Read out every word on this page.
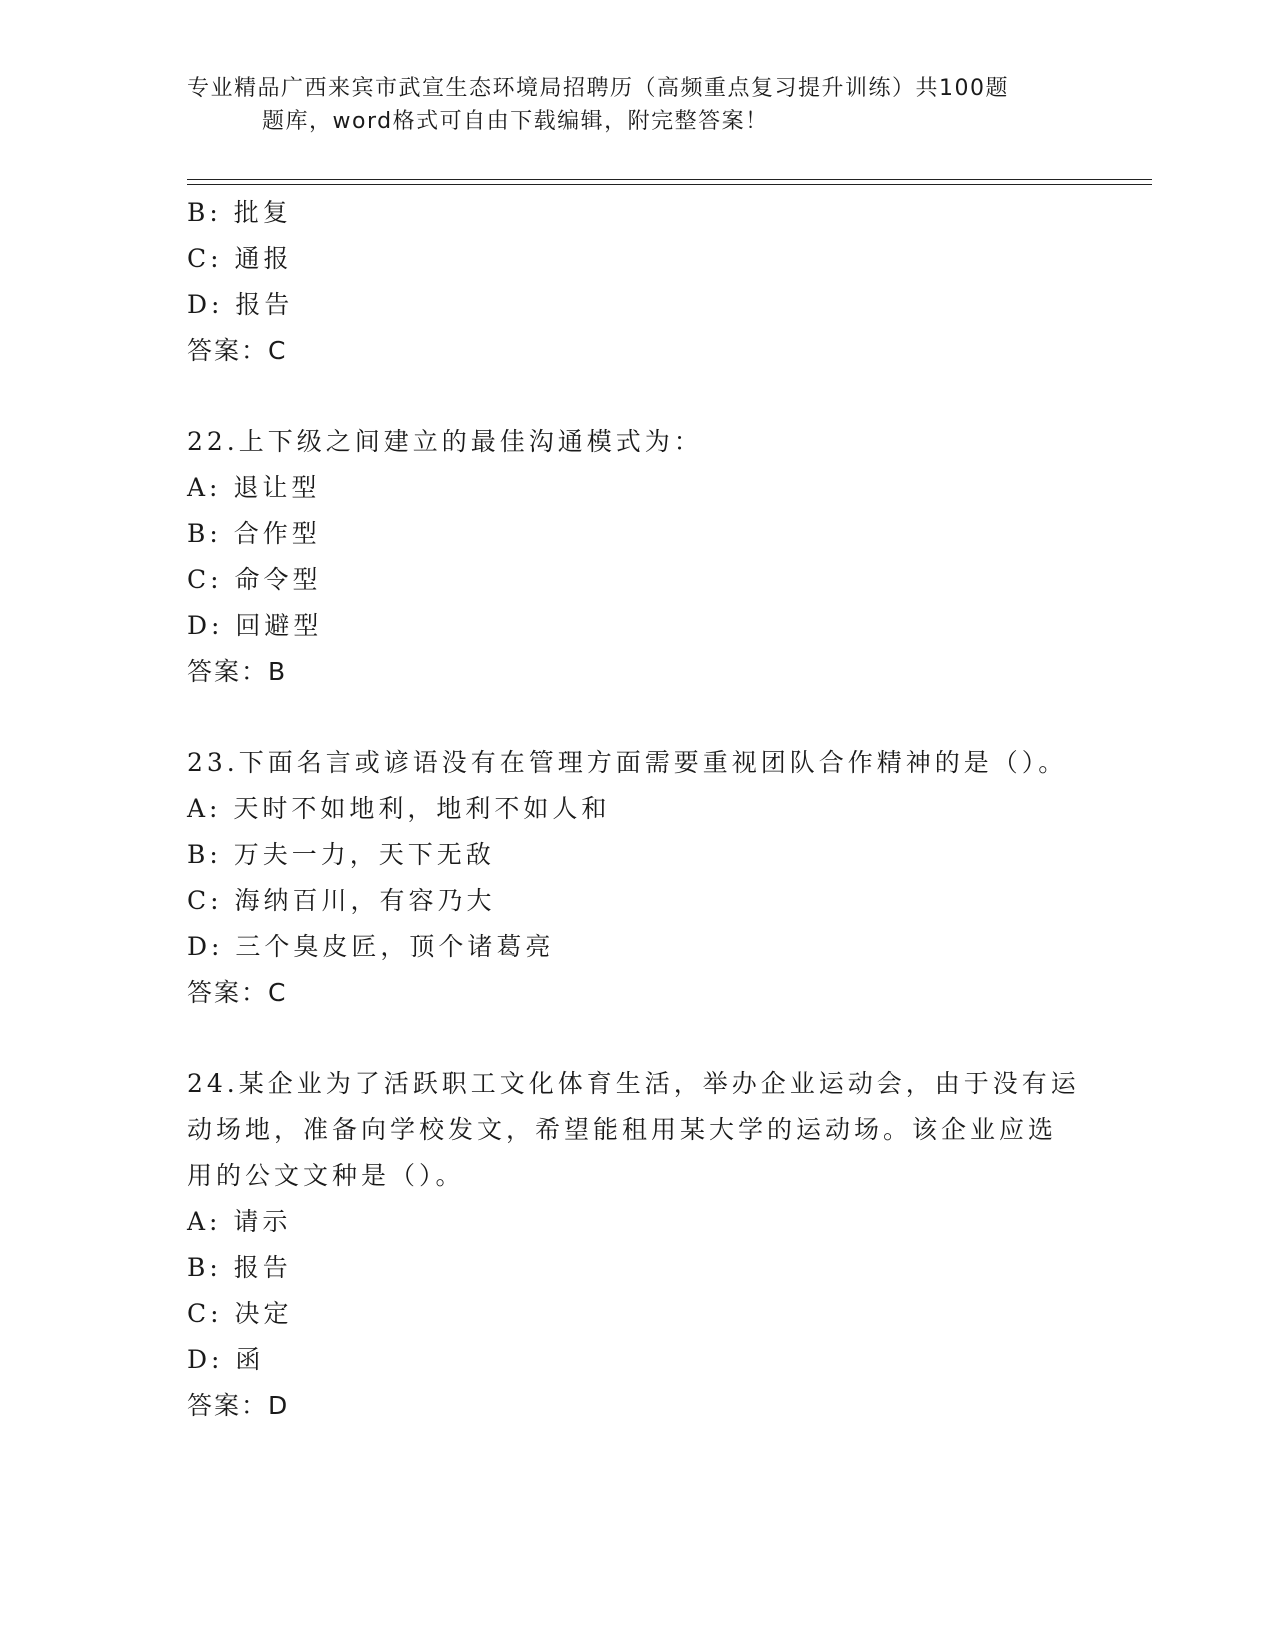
专业精品广西来宾市武宣生态环境局招聘历（高频重点复习提升训练）共100题
题库，word格式可自由下载编辑，附完整答案！
B: 批复
C: 通报
D: 报告
答案：C
22.上下级之间建立的最佳沟通模式为：
A: 退让型
B: 合作型
C: 命令型
D: 回避型
答案：B
23.下面名言或谚语没有在管理方面需要重视团队合作精神的是（）。
A: 天时不如地利，地利不如人和
B: 万夫一力，天下无敌
C: 海纳百川，有容乃大
D: 三个臭皮匠，顶个诸葛亮
答案：C
24.某企业为了活跃职工文化体育生活，举办企业运动会，由于没有运
动场地，准备向学校发文，希望能租用某大学的运动场。该企业应选
用的公文文种是（）。
A: 请示
B: 报告
C: 决定
D: 函
答案：D
